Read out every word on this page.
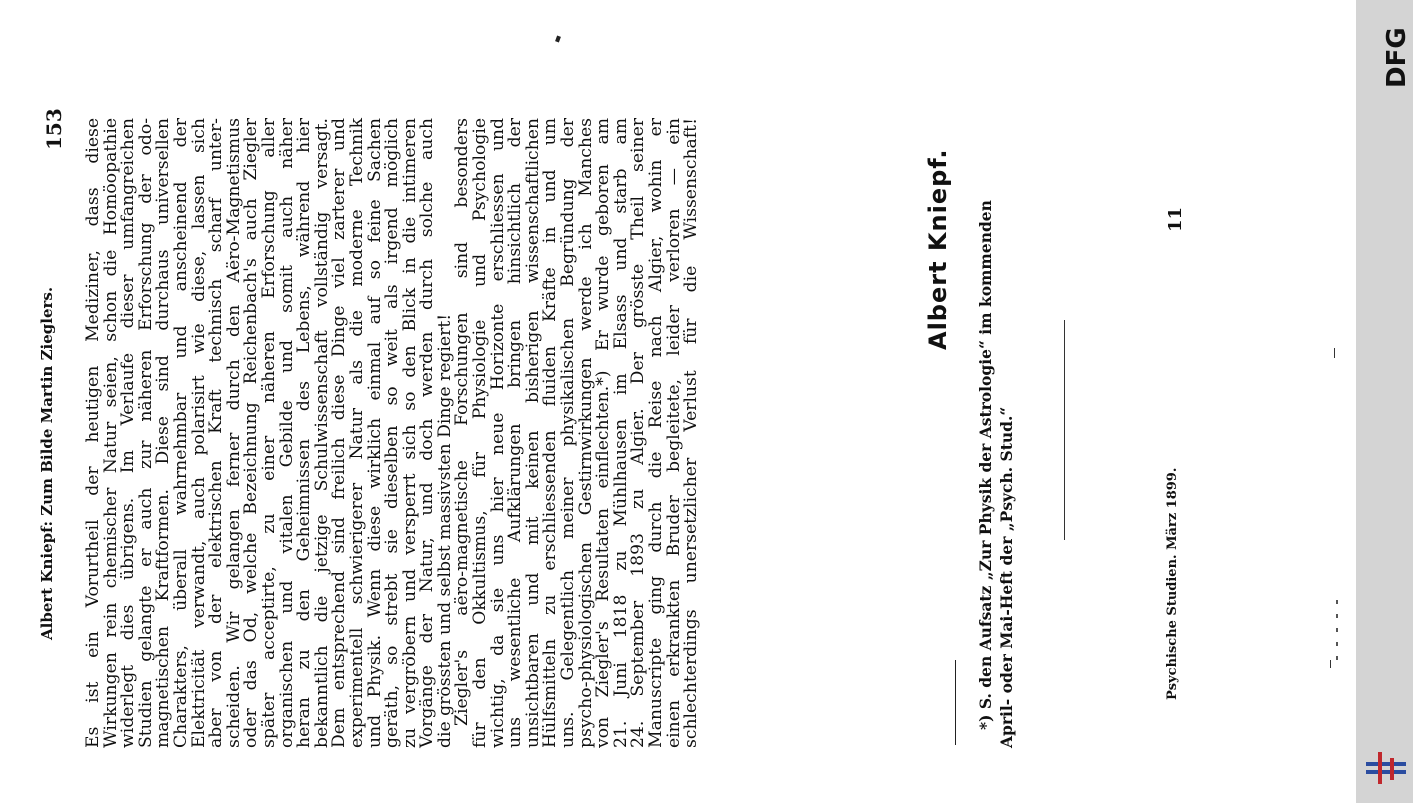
Albert Kniepf: Zum Bilde Martin Zieglers.
153 Es ist ein Vorurtheil der heutigen Mediziner, dass diese
Wirkungen rein chemischer Natur seien, schon die Homöopathie
widerlegt dies übrigens. Im Verlaufe dieser umfangreichen
Studien gelangte er auch zur näheren Erforschung der odo-
magnetischen Kraftformen. Diese sind durchaus universellen
Charakters, überall wahrnehmbar und anscheinend der
Elektricität verwandt, auch polarisirt wie diese, lassen sich
aber von der elektrischen Kraft technisch scharf unter-
scheiden. Wir gelangen ferner durch den Aëro-Magnetismus
oder das Od, welche Bezeichnung Reichenbach's auch Ziegler
später acceptirte, zu einer näheren Erforschung aller
organischen und vitalen Gebilde und somit auch näher
heran zu den Geheimnissen des Lebens, während hier
bekanntlich die jetzige Schulwissenschaft vollständig versagt.
Dem entsprechend sind freilich diese Dinge viel zarterer und
experimentell schwierigerer Natur als die moderne Technik
und Physik. Wenn diese wirklich einmal auf so feine Sachen
geräth, so strebt sie dieselben so weit als irgend möglich
zu vergröbern und versperrt sich so den Blick in die intimeren
Vorgänge der Natur, und doch werden durch solche auch
die grössten und selbst massivsten Dinge regiert!
Ziegler's aëro-magnetische Forschungen sind besonders
für den Okkultismus, für Physiologie und Psychologie
wichtig, da sie uns hier neue Horizonte erschliessen und
uns wesentliche Aufklärungen bringen hinsichtlich der
unsichtbaren und mit keinen bisherigen wissenschaftlichen
Hülfsmitteln zu erschliessenden fluiden Kräfte in und um
uns. Gelegentlich meiner physikalischen Begründung der
psycho-physiologischen Gestirnwirkungen werde ich Manches
von Ziegler's Resultaten einflechten.*) Er wurde geboren am
21. Juni 1818 zu Mühlhausen im Elsass und starb am
24. September 1893 zu Algier. Der grösste Theil seiner
Manuscripte ging durch die Reise nach Algier, wohin er
einen erkrankten Bruder begleitete, leider verloren — ein
schlechterdings unersetzlicher Verlust für die Wissenschaft!	Albert Kniepf. *) S. den Aufsatz „Zur Physik der Astrologie“ im kommenden April- oder Mai-Heft der „Psych. Stud.“	Psychische Studien. März 1899.
11
DFG
